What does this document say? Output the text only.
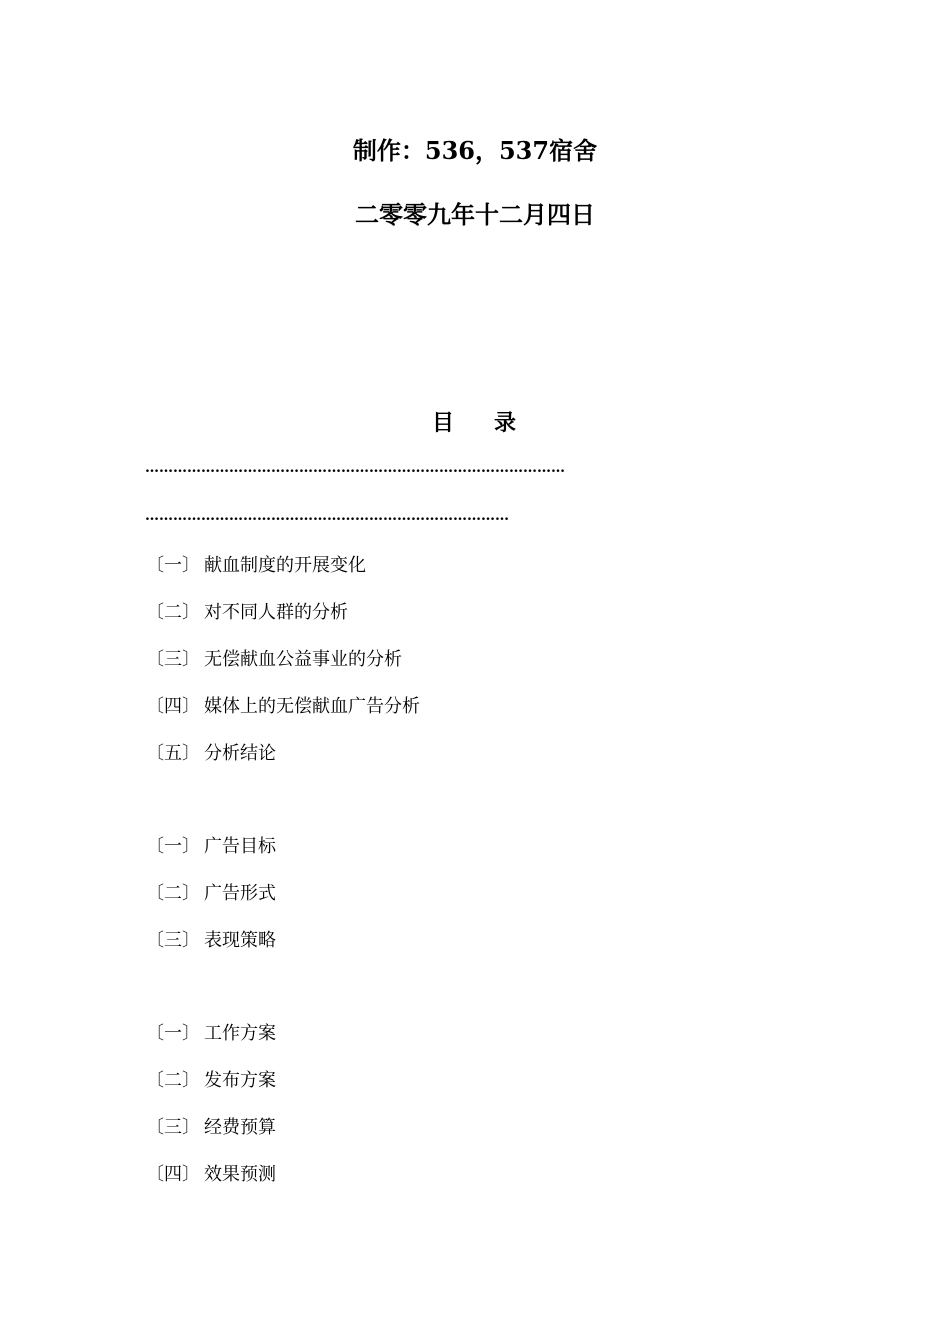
制作：536，537宿舍
二零零九年十二月四日
目 录
………………………………………………………………………………
……………………………………………………………………
〔一〕 献血制度的开展变化
〔二〕 对不同人群的分析
〔三〕 无偿献血公益事业的分析
〔四〕 媒体上的无偿献血广告分析
〔五〕 分析结论
〔一〕 广告目标
〔二〕 广告形式
〔三〕 表现策略
〔一〕 工作方案
〔二〕 发布方案
〔三〕 经费预算
〔四〕 效果预测
